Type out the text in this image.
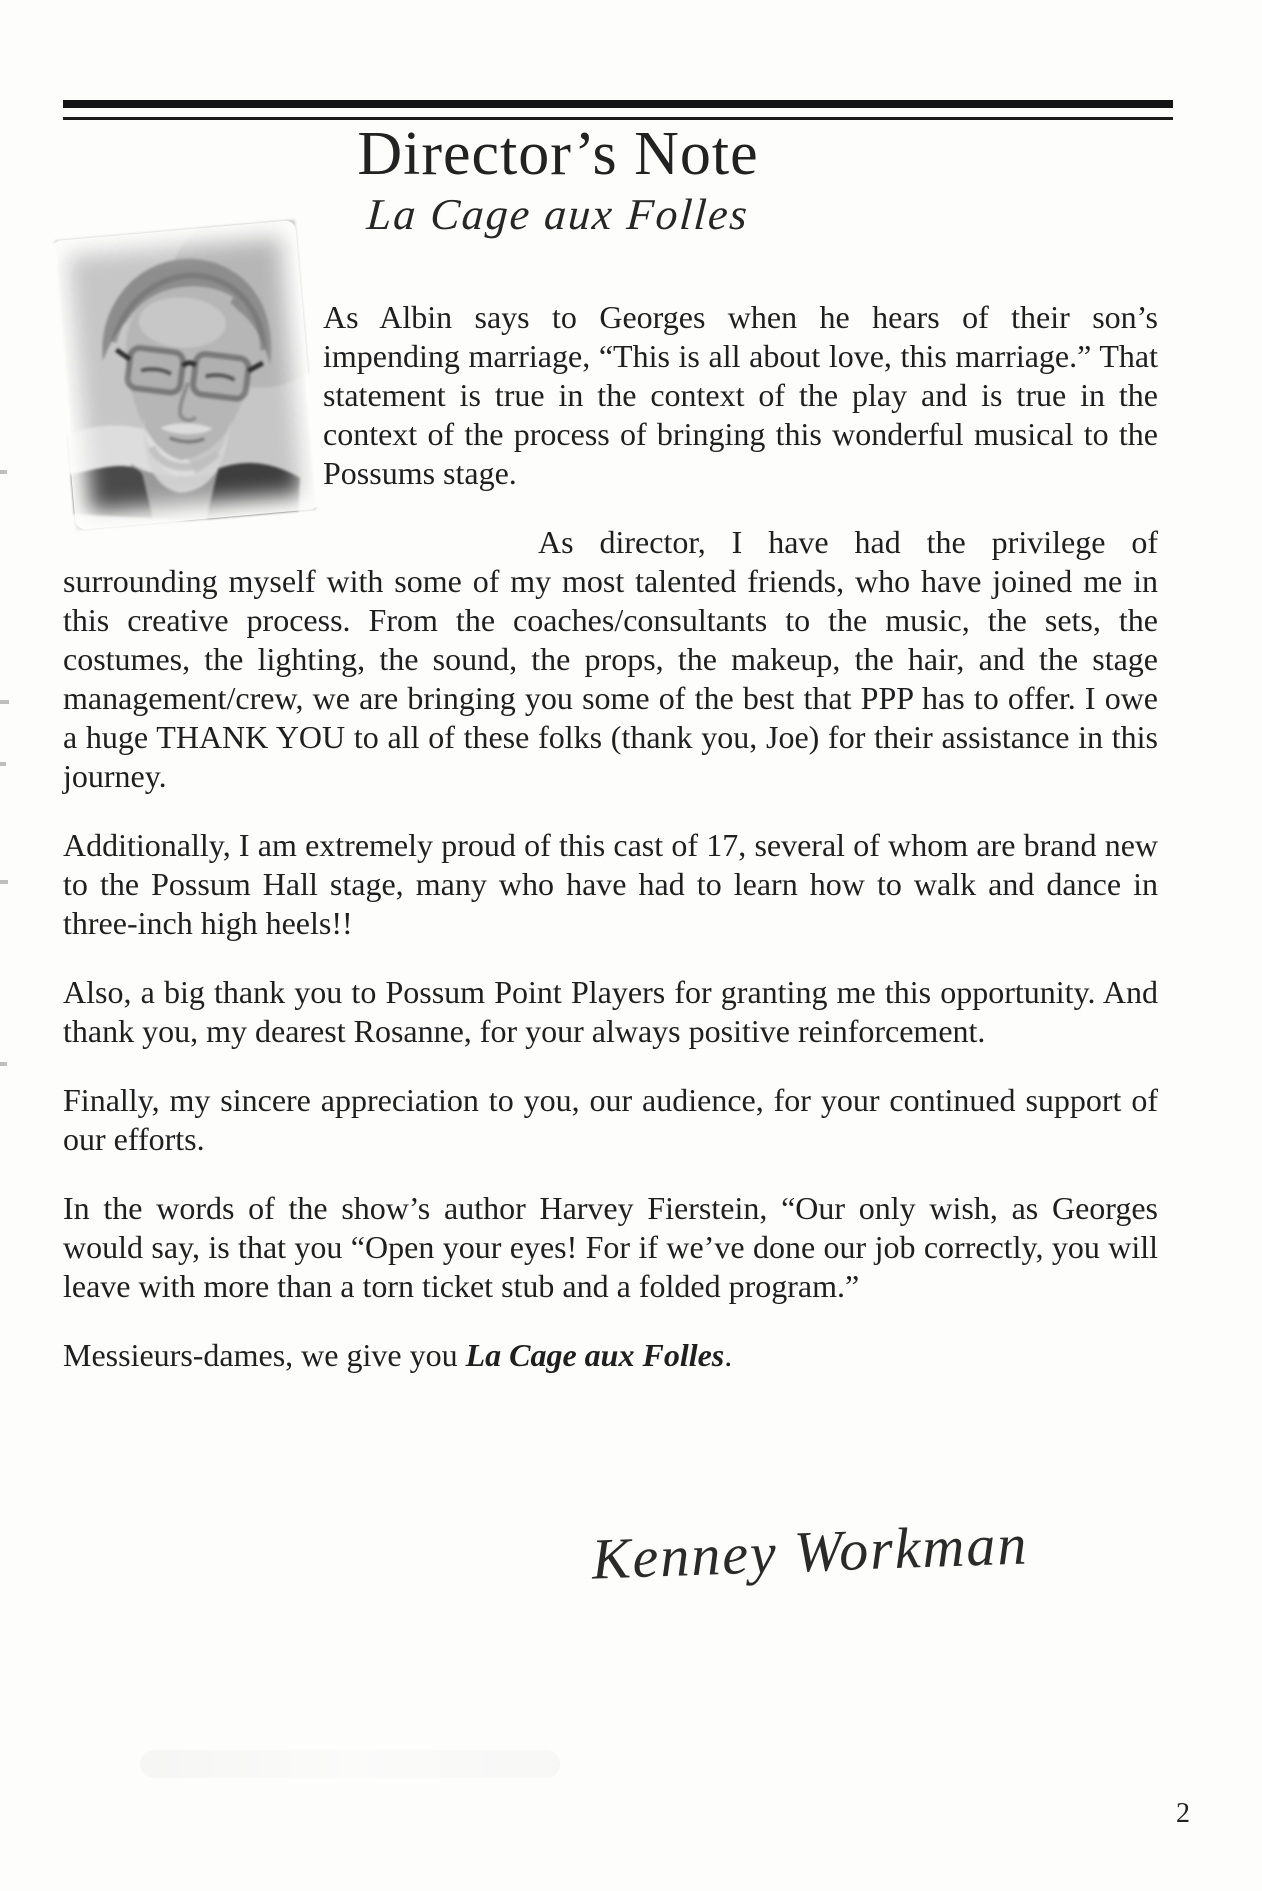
Director’s Note
La Cage aux Folles

As Albin says to Georges when he hears of their son’s impending marriage, “This is all about love, this marriage.” That statement is true in the context of the play and is true in the context of the process of bringing this wonderful musical to the Possums stage.

As director, I have had the privilege of surrounding myself with some of my most talented friends, who have joined me in this creative process. From the coaches/consultants to the music, the sets, the costumes, the lighting, the sound, the props, the makeup, the hair, and the stage management/crew, we are bringing you some of the best that PPP has to offer. I owe a huge THANK YOU to all of these folks (thank you, Joe) for their assistance in this journey.

Additionally, I am extremely proud of this cast of 17, several of whom are brand new to the Possum Hall stage, many who have had to learn how to walk and dance in three-inch high heels!!

Also, a big thank you to Possum Point Players for granting me this opportunity. And thank you, my dearest Rosanne, for your always positive reinforcement.

Finally, my sincere appreciation to you, our audience, for your continued support of our efforts.

In the words of the show’s author Harvey Fierstein, “Our only wish, as Georges would say, is that you “Open your eyes! For if we’ve done our job correctly, you will leave with more than a torn ticket stub and a folded program.”

Messieurs-dames, we give you La Cage aux Folles.

Kenney Workman
2
